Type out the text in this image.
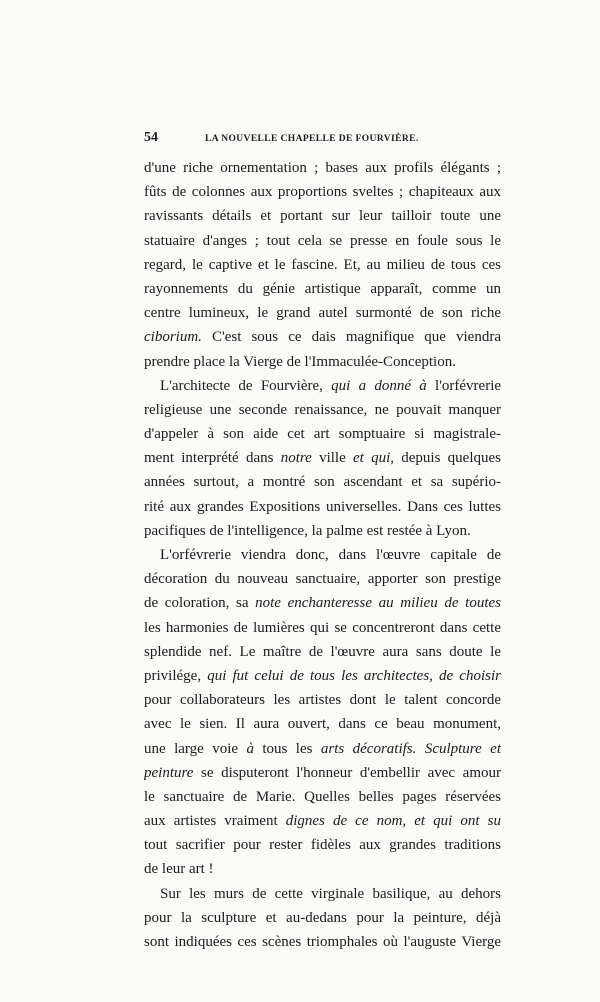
54	LA NOUVELLE CHAPELLE DE FOURVIÈRE.
d'une riche ornementation ; bases aux profils élégants ;
fûts de colonnes aux proportions sveltes ; chapiteaux aux
ravissants détails et portant sur leur tailloir toute une
statuaire d'anges ; tout cela se presse en foule sous le
regard, le captive et le fascine. Et, au milieu de tous ces
rayonnements du génie artistique apparaît, comme un
centre lumineux, le grand autel surmonté de son riche
ciborium. C'est sous ce dais magnifique que viendra
prendre place la Vierge de l'Immaculée-Conception.
L'architecte de Fourvière, qui a donné à l'orfévrerie
religieuse une seconde renaissance, ne pouvait manquer
d'appeler à son aide cet art somptuaire si magistrale-
ment interprété dans notre ville et qui, depuis quelques
années surtout, a montré son ascendant et sa supério-
rité aux grandes Expositions universelles. Dans ces luttes
pacifiques de l'intelligence, la palme est restée à Lyon.
L'orfévrerie viendra donc, dans l'œuvre capitale de
décoration du nouveau sanctuaire, apporter son prestige
de coloration, sa note enchanteresse au milieu de toutes
les harmonies de lumières qui se concentreront dans cette
splendide nef. Le maître de l'œuvre aura sans doute le
privilége, qui fut celui de tous les architectes, de choisir
pour collaborateurs les artistes dont le talent concorde
avec le sien. Il aura ouvert, dans ce beau monument,
une large voie à tous les arts décoratifs. Sculpture et
peinture se disputeront l'honneur d'embellir avec amour
le sanctuaire de Marie. Quelles belles pages réservées
aux artistes vraiment dignes de ce nom, et qui ont su
tout sacrifier pour rester fidèles aux grandes traditions
de leur art !
Sur les murs de cette virginale basilique, au dehors
pour la sculpture et au-dedans pour la peinture, déjà
sont indiquées ces scènes triomphales où l'auguste Vierge
